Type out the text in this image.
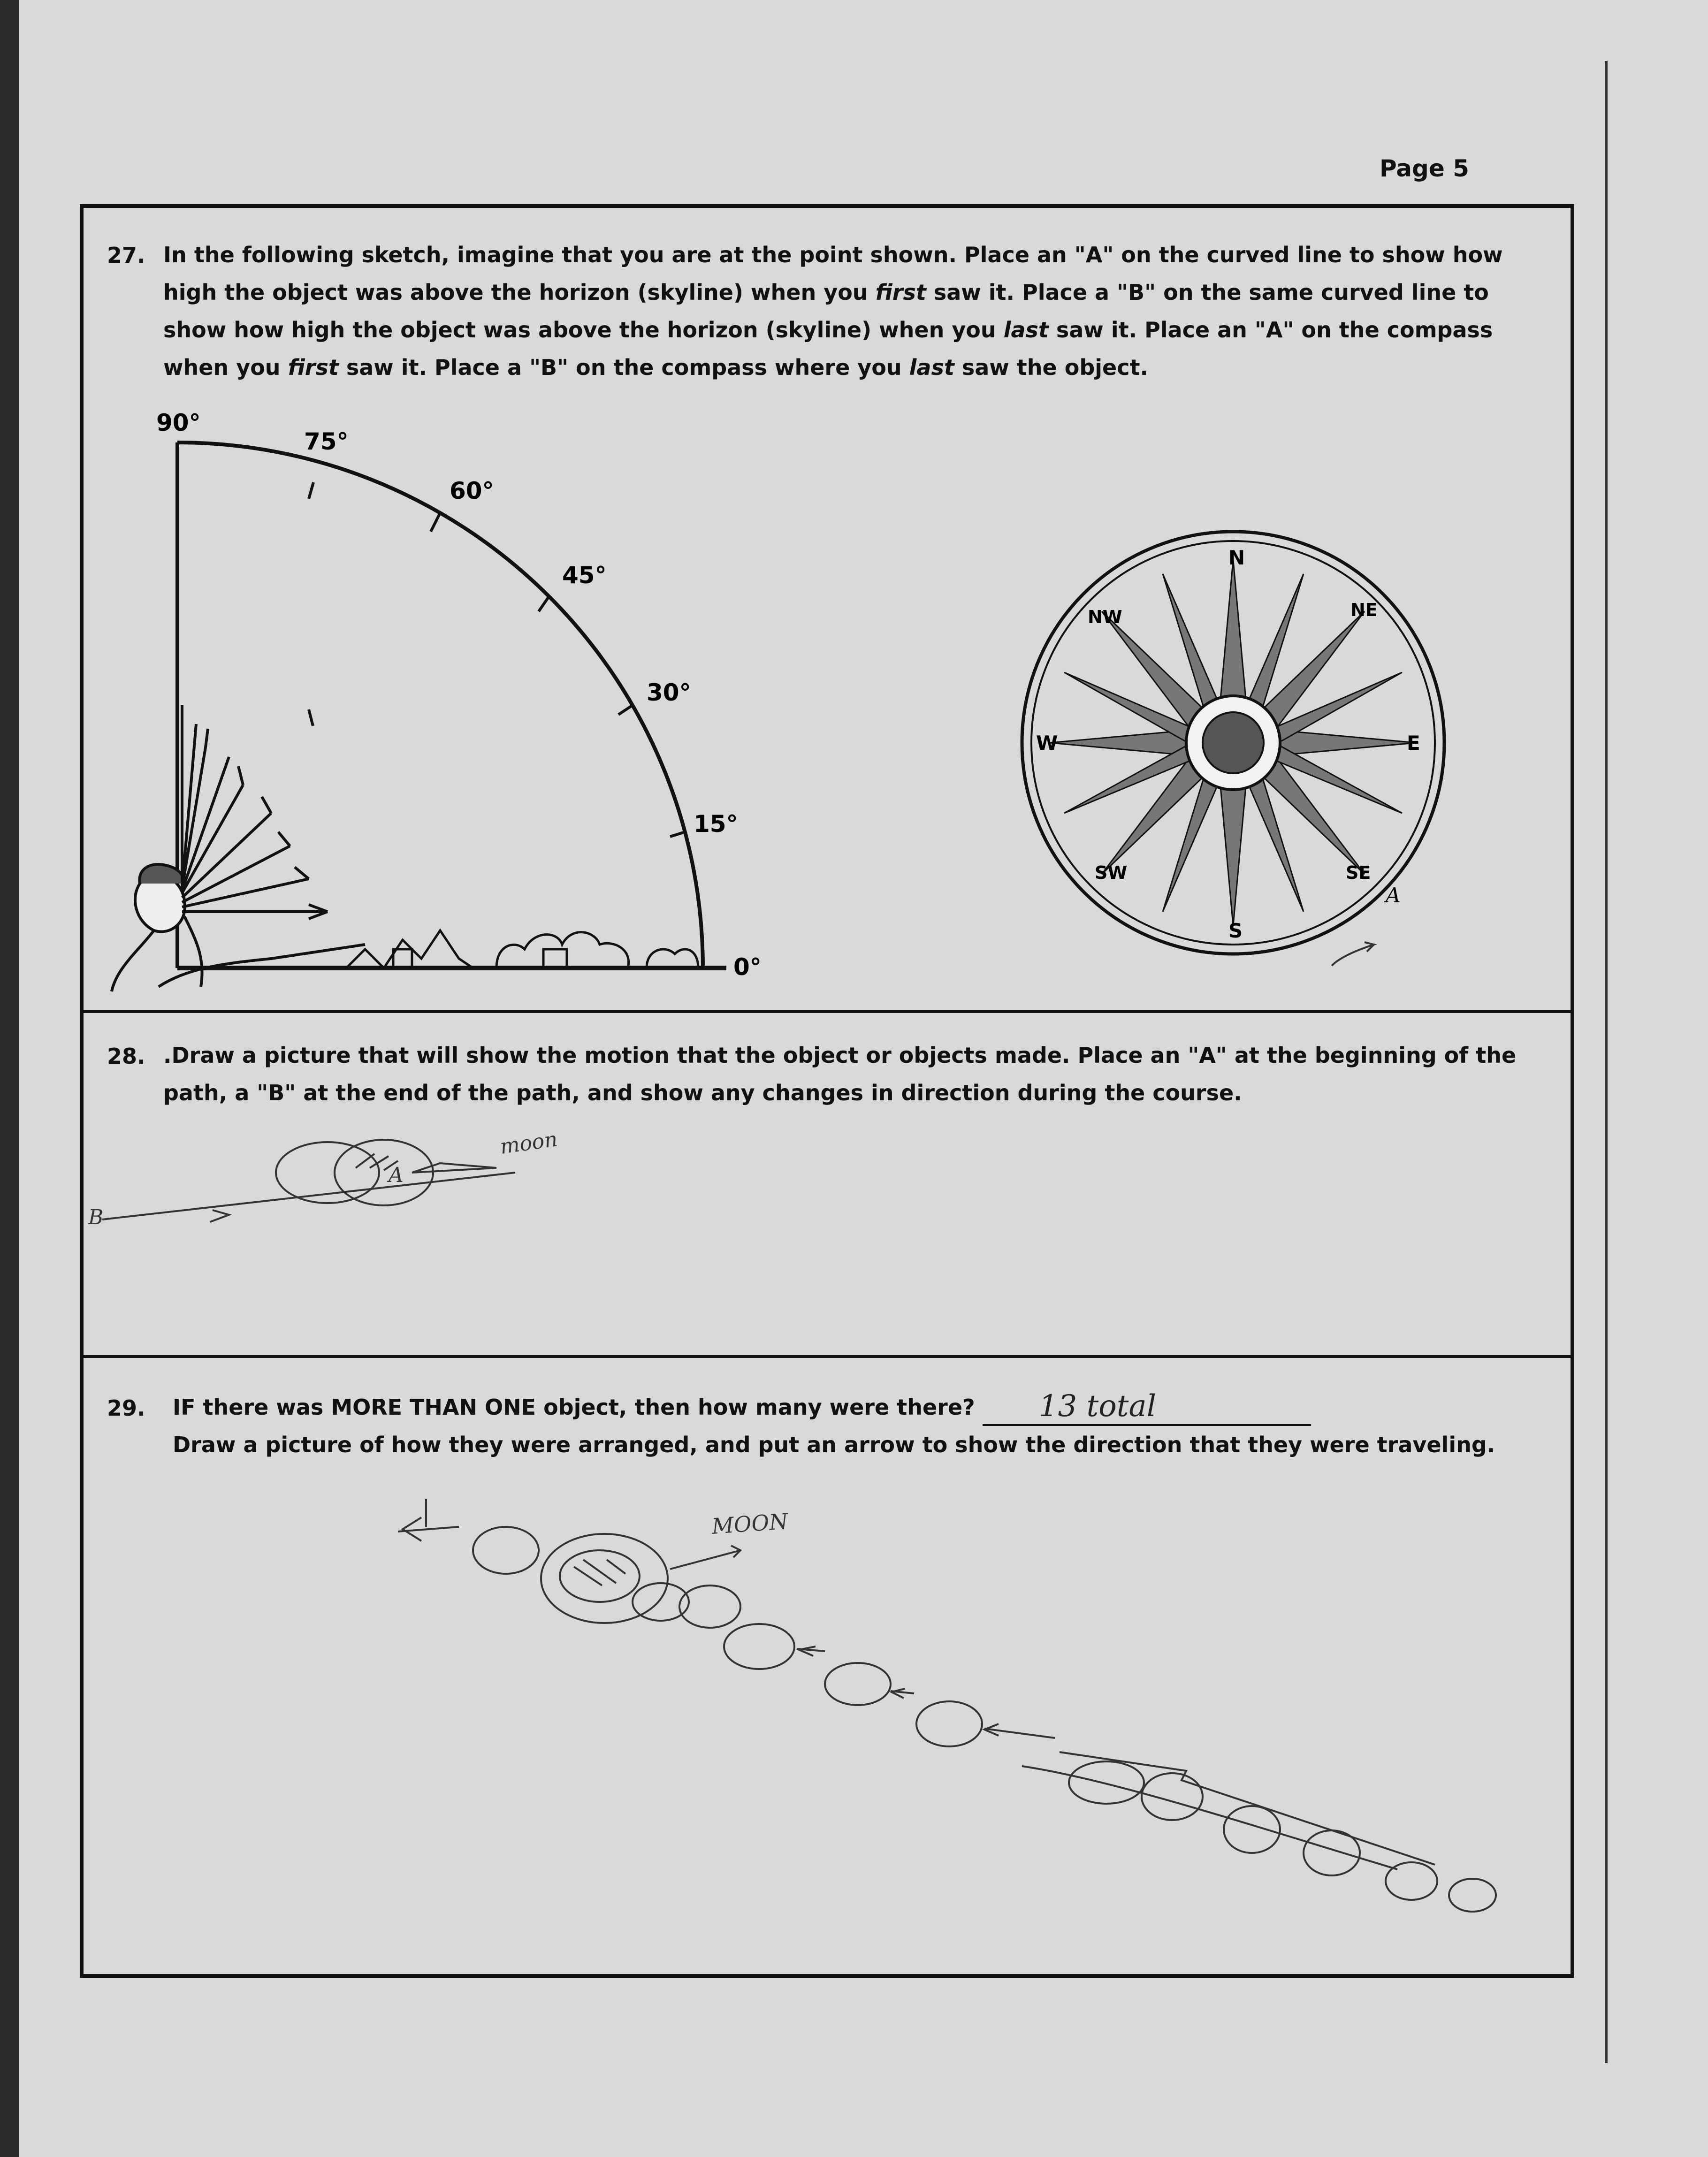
Page 5
27. In the following sketch, imagine that you are at the point shown. Place an "A" on the curved line to show how high the object was above the horizon (skyline) when you first saw it. Place a "B" on the same curved line to show how high the object was above the horizon (skyline) when you last saw it. Place an "A" on the compass when you first saw it. Place a "B" on the compass where you last saw the object.
90°
75°
60°
45°
30°
15°
0°
N
NE
E
SE
S
SW
W
NW
A
28. .Draw a picture that will show the motion that the object or objects made. Place an "A" at the beginning of the path, a "B" at the end of the path, and show any changes in direction during the course.
moon
A
B
29. IF there was MORE THAN ONE object, then how many were there? 13 total
Draw a picture of how they were arranged, and put an arrow to show the direction that they were traveling.
MOON
